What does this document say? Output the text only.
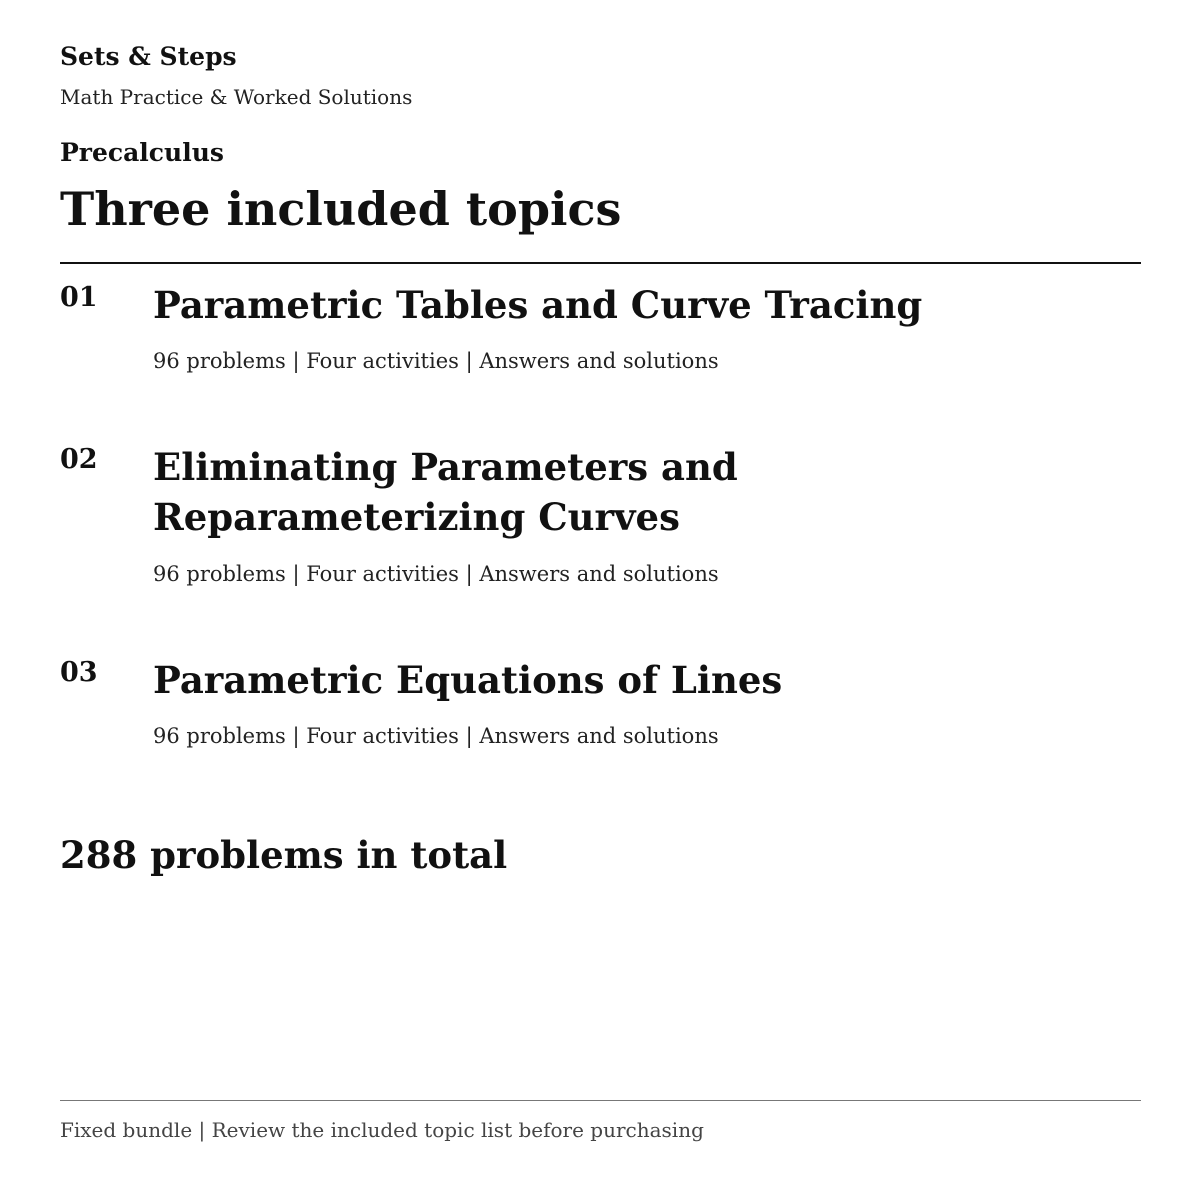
Sets & Steps
Math Practice & Worked Solutions
Precalculus
Three included topics
01 Parametric Tables and Curve Tracing
96 problems | Four activities | Answers and solutions
02 Eliminating Parameters and Reparameterizing Curves
96 problems | Four activities | Answers and solutions
03 Parametric Equations of Lines
96 problems | Four activities | Answers and solutions
288 problems in total
Fixed bundle | Review the included topic list before purchasing
